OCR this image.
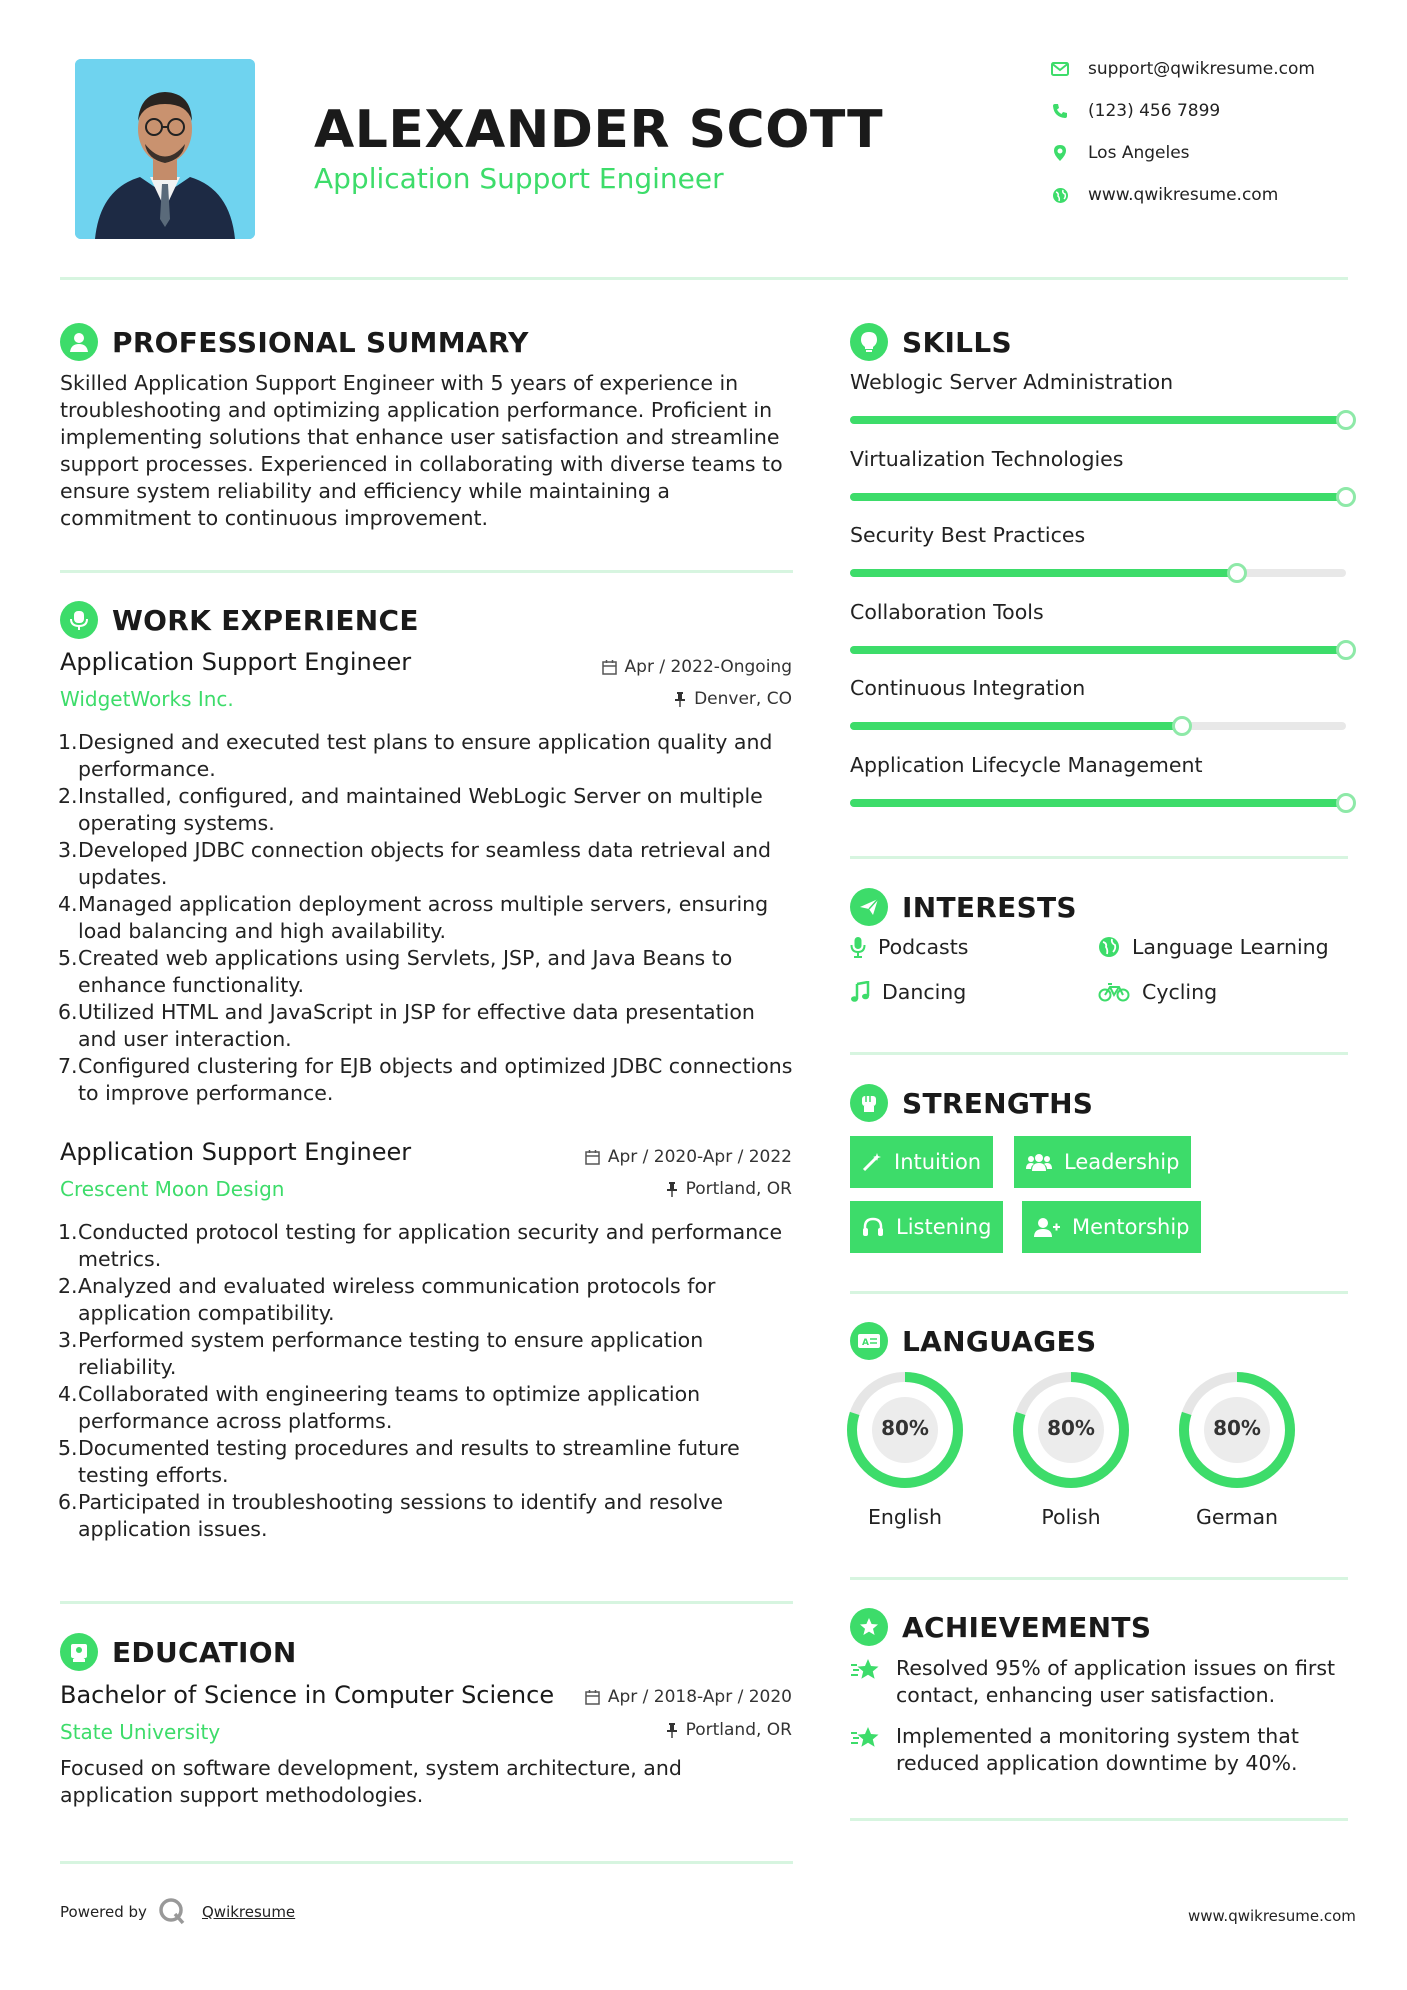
ALEXANDER SCOTT
Application Support Engineer
support@qwikresume.com
(123) 456 7899
Los Angeles
www.qwikresume.com
PROFESSIONAL SUMMARY
Skilled Application Support Engineer with 5 years of experience in troubleshooting and optimizing application performance. Proficient in implementing solutions that enhance user satisfaction and streamline support processes. Experienced in collaborating with diverse teams to ensure system reliability and efficiency while maintaining a commitment to continuous improvement.
WORK EXPERIENCE
Application Support Engineer	Apr / 2022-Ongoing
WidgetWorks Inc.	Denver, CO
1. Designed and executed test plans to ensure application quality and performance.
2. Installed, configured, and maintained WebLogic Server on multiple operating systems.
3. Developed JDBC connection objects for seamless data retrieval and updates.
4. Managed application deployment across multiple servers, ensuring load balancing and high availability.
5. Created web applications using Servlets, JSP, and Java Beans to enhance functionality.
6. Utilized HTML and JavaScript in JSP for effective data presentation and user interaction.
7. Configured clustering for EJB objects and optimized JDBC connections to improve performance.
Application Support Engineer	Apr / 2020-Apr / 2022
Crescent Moon Design	Portland, OR
1. Conducted protocol testing for application security and performance metrics.
2. Analyzed and evaluated wireless communication protocols for application compatibility.
3. Performed system performance testing to ensure application reliability.
4. Collaborated with engineering teams to optimize application performance across platforms.
5. Documented testing procedures and results to streamline future testing efforts.
6. Participated in troubleshooting sessions to identify and resolve application issues.
EDUCATION
Bachelor of Science in Computer Science	Apr / 2018-Apr / 2020
State University	Portland, OR
Focused on software development, system architecture, and application support methodologies.
SKILLS
Weblogic Server Administration
Virtualization Technologies
Security Best Practices
Collaboration Tools
Continuous Integration
Application Lifecycle Management
INTERESTS
Podcasts	Language Learning
Dancing	Cycling
STRENGTHS
Intuition	Leadership
Listening	Mentorship
A LANGUAGES
80%
English
80%
Polish
80%
German
ACHIEVEMENTS
Resolved 95% of application issues on first contact, enhancing user satisfaction.
Implemented a monitoring system that reduced application downtime by 40%.
Powered by	Qwikresume	www.qwikresume.com
